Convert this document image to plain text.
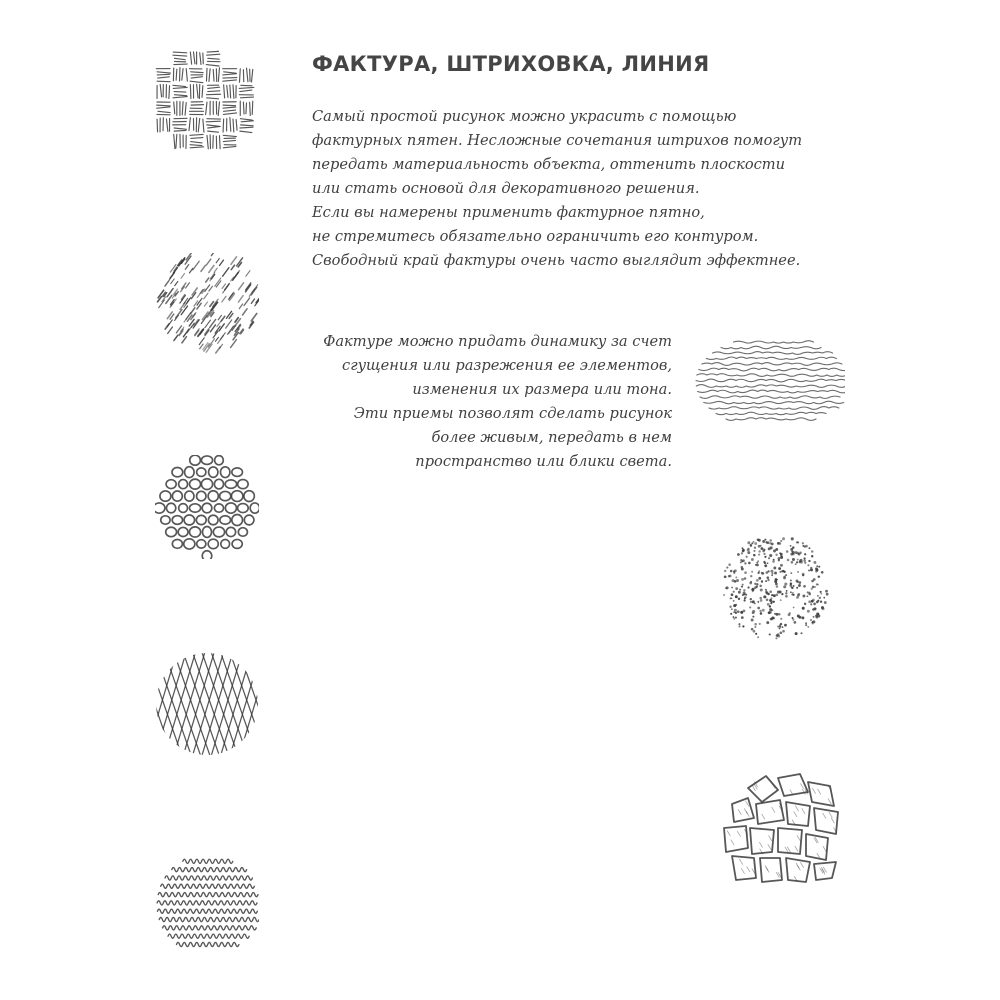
ФАКТУРА, ШТРИХОВКА, ЛИНИЯ

Самый простой рисунок можно украсить с помощью
фактурных пятен. Несложные сочетания штрихов помогут
передать материальность объекта, оттенить плоскости
или стать основой для декоративного решения.
Если вы намерены применить фактурное пятно,
не стремитесь обязательно ограничить его контуром.
Свободный край фактуры очень часто выглядит эффектнее.

Фактуре можно придать динамику за счет
сгущения или разрежения ее элементов,
изменения их размера или тона.
Эти приемы позволят сделать рисунок
более живым, передать в нем
пространство или блики света.
